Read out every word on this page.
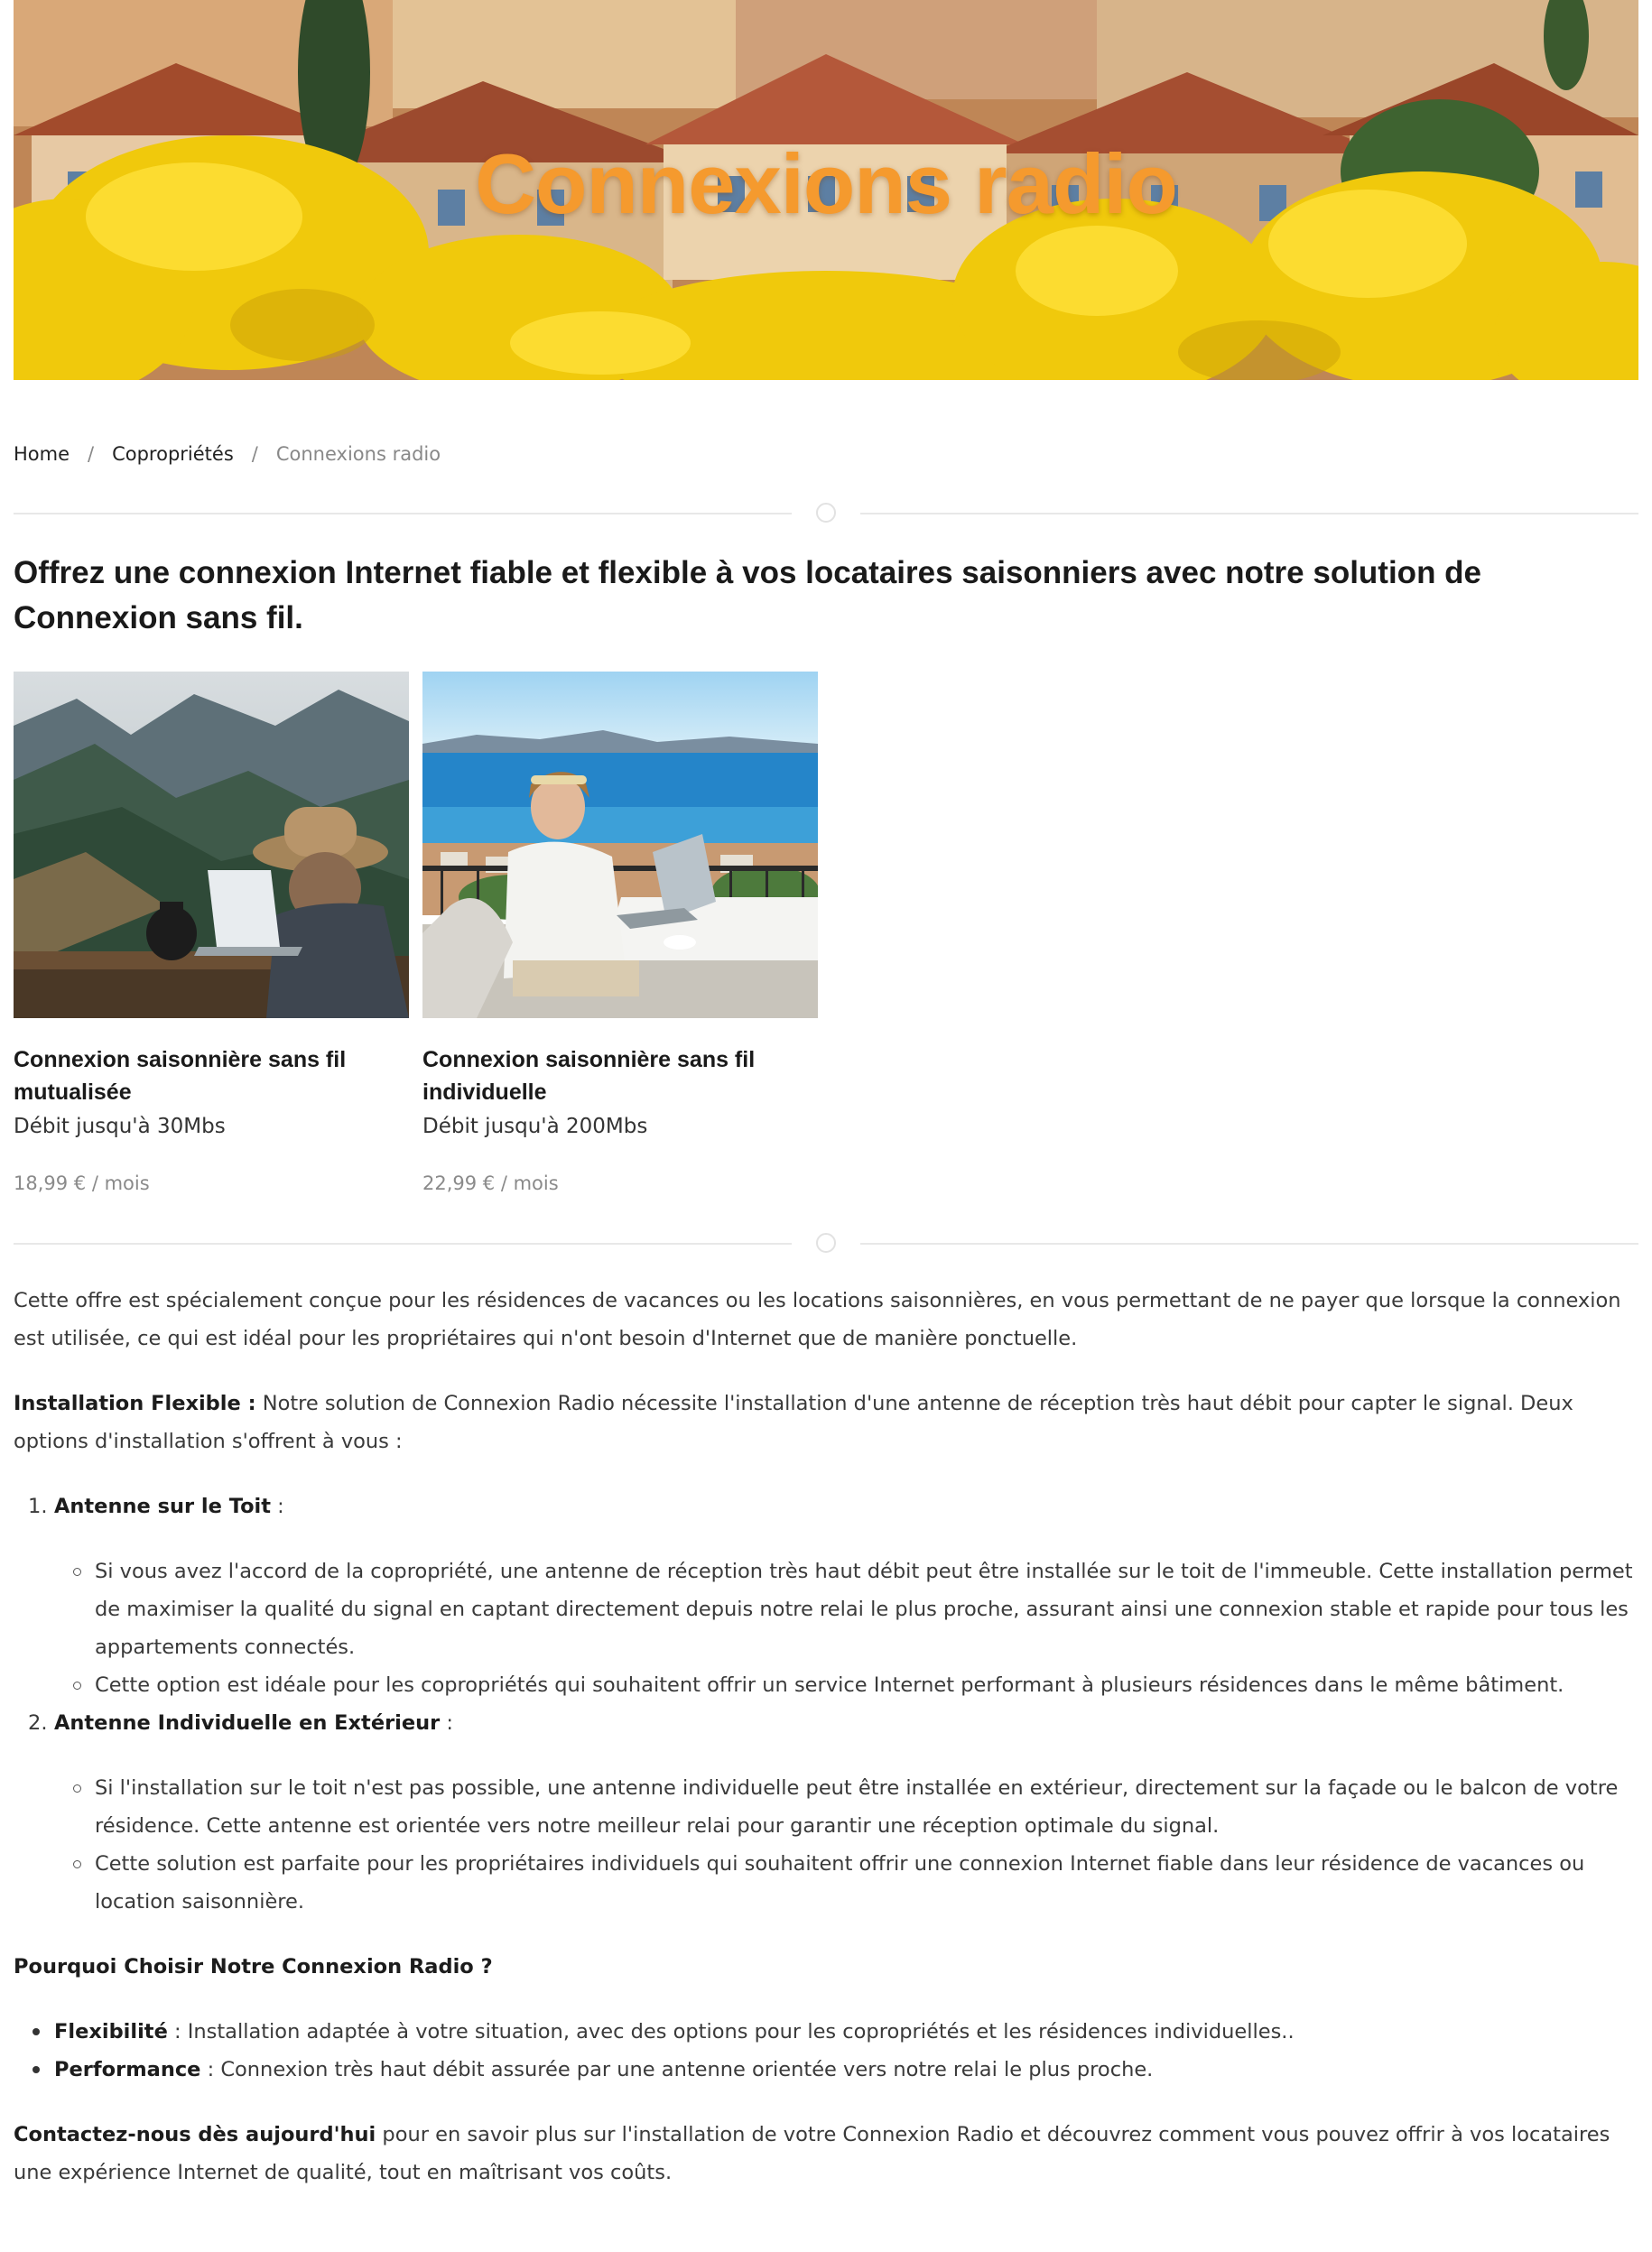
Connexions radio
Home / Copropriétés / Connexions radio
Offrez une connexion Internet fiable et flexible à vos locataires saisonniers avec notre solution de Connexion sans fil.
Connexion saisonnière sans fil mutualisée
Débit jusqu'à 30Mbs
18,99 € / mois
Connexion saisonnière sans fil individuelle
Débit jusqu'à 200Mbs
22,99 € / mois

Cette offre est spécialement conçue pour les résidences de vacances ou les locations saisonnières, en vous permettant de ne payer que lorsque la connexion est utilisée, ce qui est idéal pour les propriétaires qui n'ont besoin d'Internet que de manière ponctuelle.

Installation Flexible : Notre solution de Connexion Radio nécessite l'installation d'une antenne de réception très haut débit pour capter le signal. Deux options d'installation s'offrent à vous :

1. Antenne sur le Toit :
Si vous avez l'accord de la copropriété, une antenne de réception très haut débit peut être installée sur le toit de l'immeuble. Cette installation permet de maximiser la qualité du signal en captant directement depuis notre relai le plus proche, assurant ainsi une connexion stable et rapide pour tous les appartements connectés.
Cette option est idéale pour les copropriétés qui souhaitent offrir un service Internet performant à plusieurs résidences dans le même bâtiment.
2. Antenne Individuelle en Extérieur :
Si l'installation sur le toit n'est pas possible, une antenne individuelle peut être installée en extérieur, directement sur la façade ou le balcon de votre résidence. Cette antenne est orientée vers notre meilleur relai pour garantir une réception optimale du signal.
Cette solution est parfaite pour les propriétaires individuels qui souhaitent offrir une connexion Internet fiable dans leur résidence de vacances ou location saisonnière.

Pourquoi Choisir Notre Connexion Radio ?

Flexibilité : Installation adaptée à votre situation, avec des options pour les copropriétés et les résidences individuelles..
Performance : Connexion très haut débit assurée par une antenne orientée vers notre relai le plus proche.

Contactez-nous dès aujourd'hui pour en savoir plus sur l'installation de votre Connexion Radio et découvrez comment vous pouvez offrir à vos locataires une expérience Internet de qualité, tout en maîtrisant vos coûts.
